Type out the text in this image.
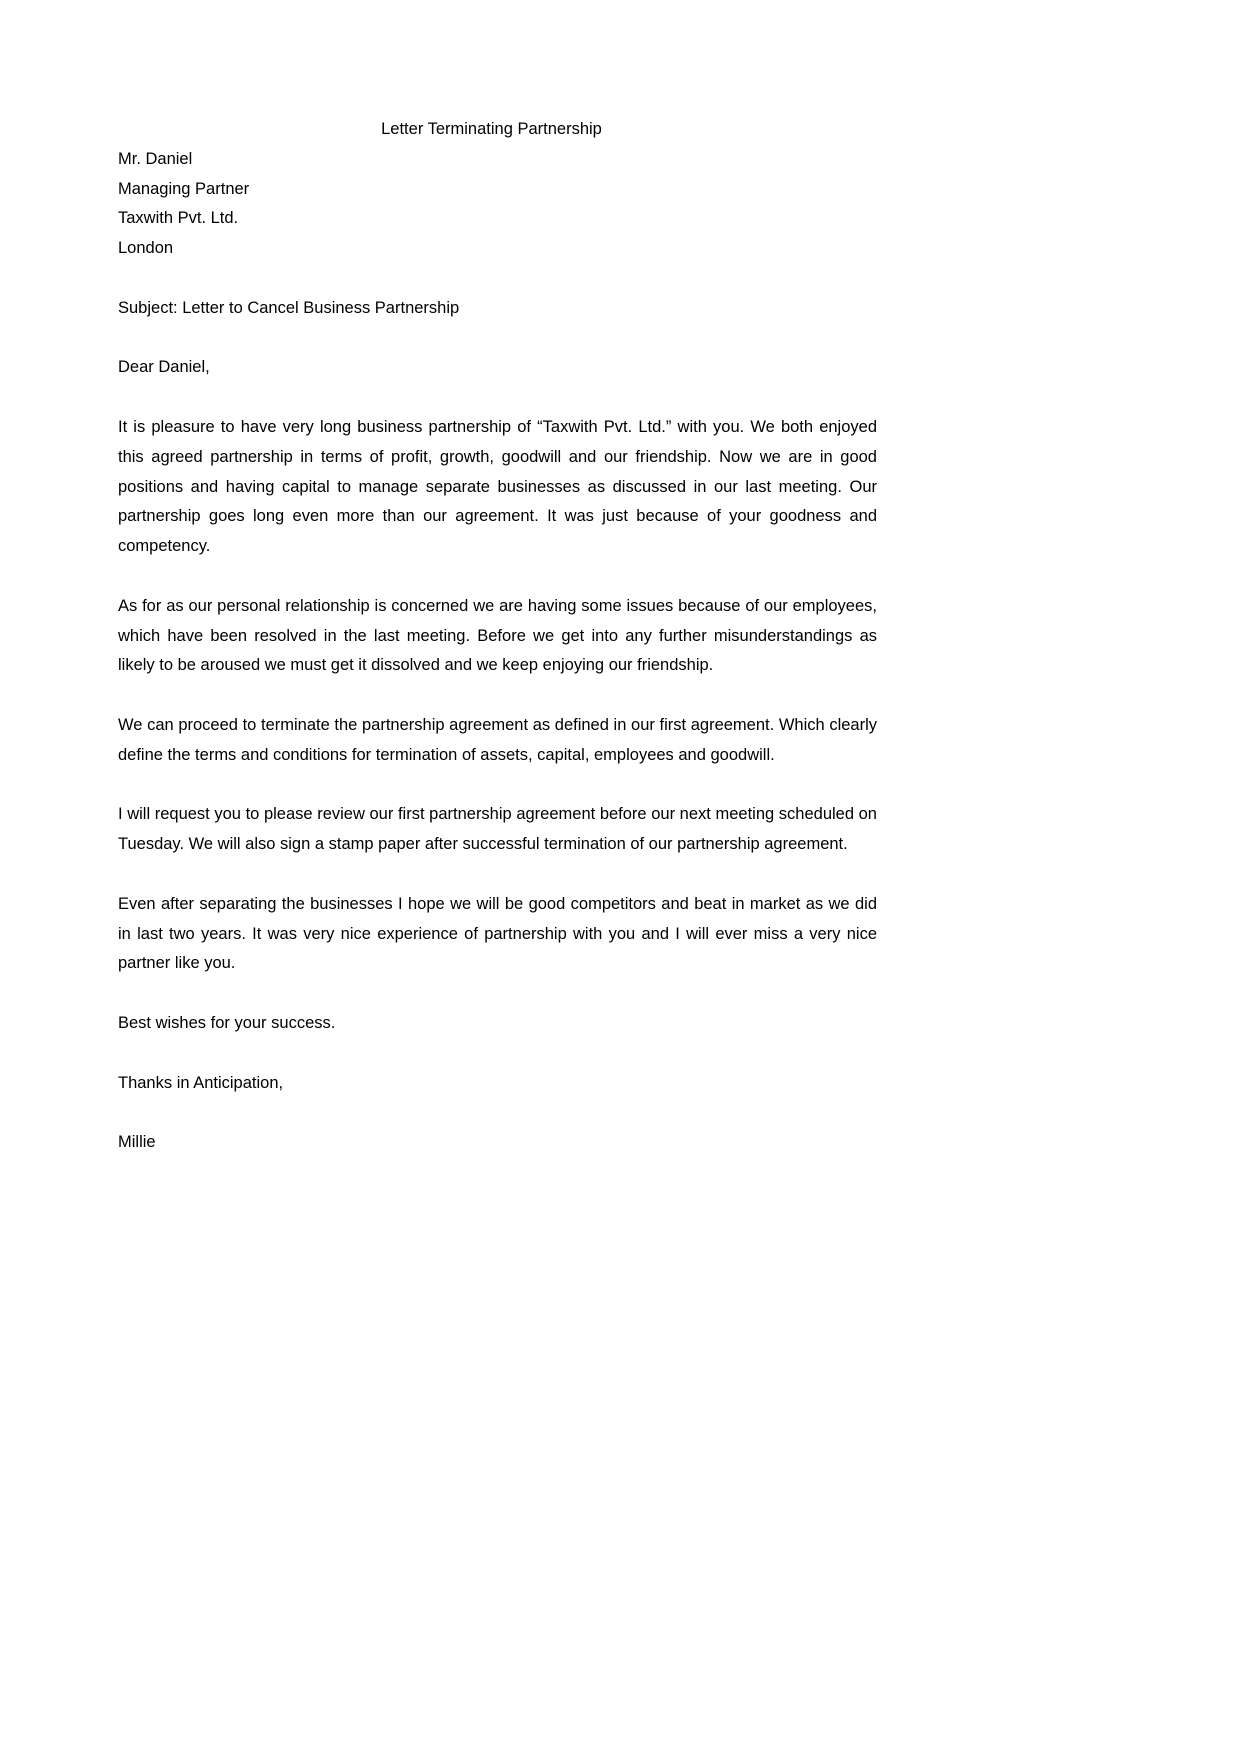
Letter Terminating Partnership

Mr. Daniel

Managing Partner

Taxwith Pvt. Ltd.

London

Subject: Letter to Cancel Business Partnership

Dear Daniel,

It is pleasure to have very long business partnership of “Taxwith Pvt. Ltd.” with you. We both enjoyed this agreed partnership in terms of profit, growth, goodwill and our friendship. Now we are in good positions and having capital to manage separate businesses as discussed in our last meeting. Our partnership goes long even more than our agreement. It was just because of your goodness and competency.

As for as our personal relationship is concerned we are having some issues because of our employees, which have been resolved in the last meeting. Before we get into any further misunderstandings as likely to be aroused we must get it dissolved and we keep enjoying our friendship.

We can proceed to terminate the partnership agreement as defined in our first agreement. Which clearly define the terms and conditions for termination of assets, capital, employees and goodwill.

I will request you to please review our first partnership agreement before our next meeting scheduled on Tuesday. We will also sign a stamp paper after successful termination of our partnership agreement.

Even after separating the businesses I hope we will be good competitors and beat in market as we did in last two years. It was very nice experience of partnership with you and I will ever miss a very nice partner like you.

Best wishes for your success.

Thanks in Anticipation,

Millie
